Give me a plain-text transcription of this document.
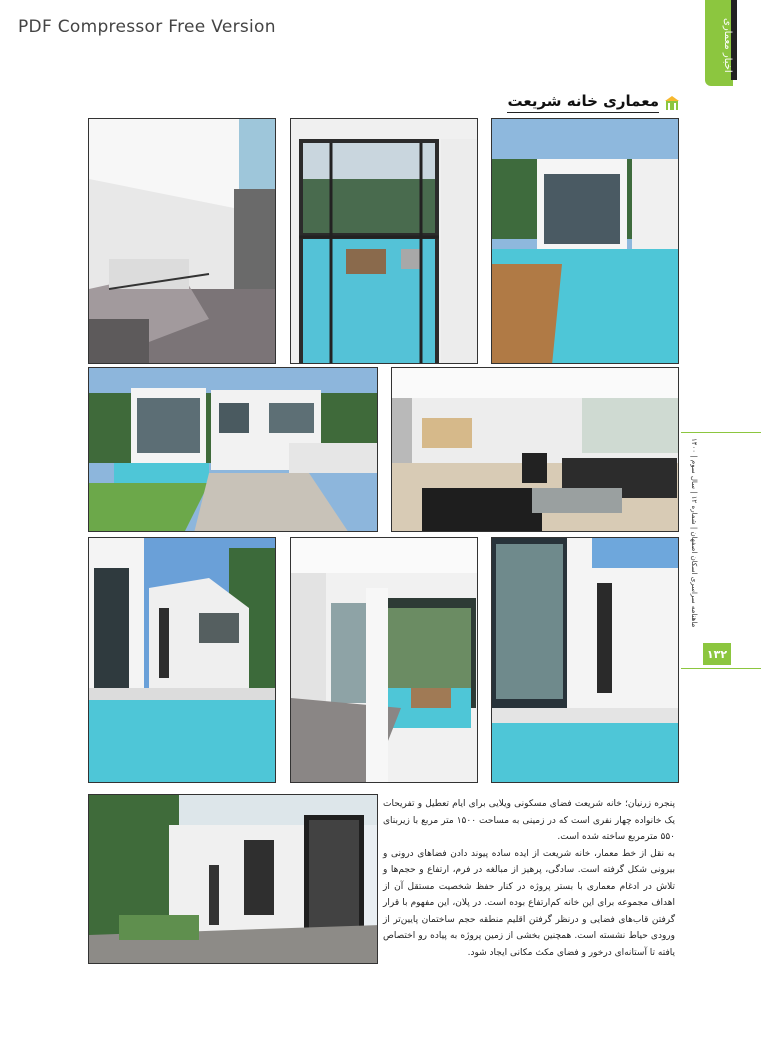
PDF Compressor Free Version	اخبار معماری
معماری خانه شریعت

پنجره زرنیان؛ خانه شریعت فضای مسکونی ویلایی برای ایام تعطیل و تفریحات یک خانواده چهار نفری است که در زمینی به مساحت ۱۵۰۰ متر مربع با زیربنای ۵۵۰ مترمربع ساخته شده است.

به نقل از خط معمار، خانه شریعت از ایده ساده پیوند دادن فضاهای درونی و بیرونی شکل گرفته است. سادگی، پرهیز از مبالغه در فرم، ارتفاع و حجم‌ها و تلاش در ادغام معماری با بستر پروژه در کنار حفظ شخصیت مستقل آن از اهداف مجموعه برای این خانه کم‌ارتفاع بوده است. در پلان، این مفهوم با قرار گرفتن قاب‌های فضایی و درنظر گرفتن اقلیم منطقه حجم ساختمان پایین‌تر از ورودی حیاط نشسته است. همچنین بخشی از زمین پروژه به پیاده رو اختصاص یافته تا آستانه‌ای درخور و فضای مکث مکانی ایجاد شود.

ماهنامه سراسری اسکان اصفهان | شماره ۱۲ | سال سوم | ۱۴۰۰
۱۳۲
